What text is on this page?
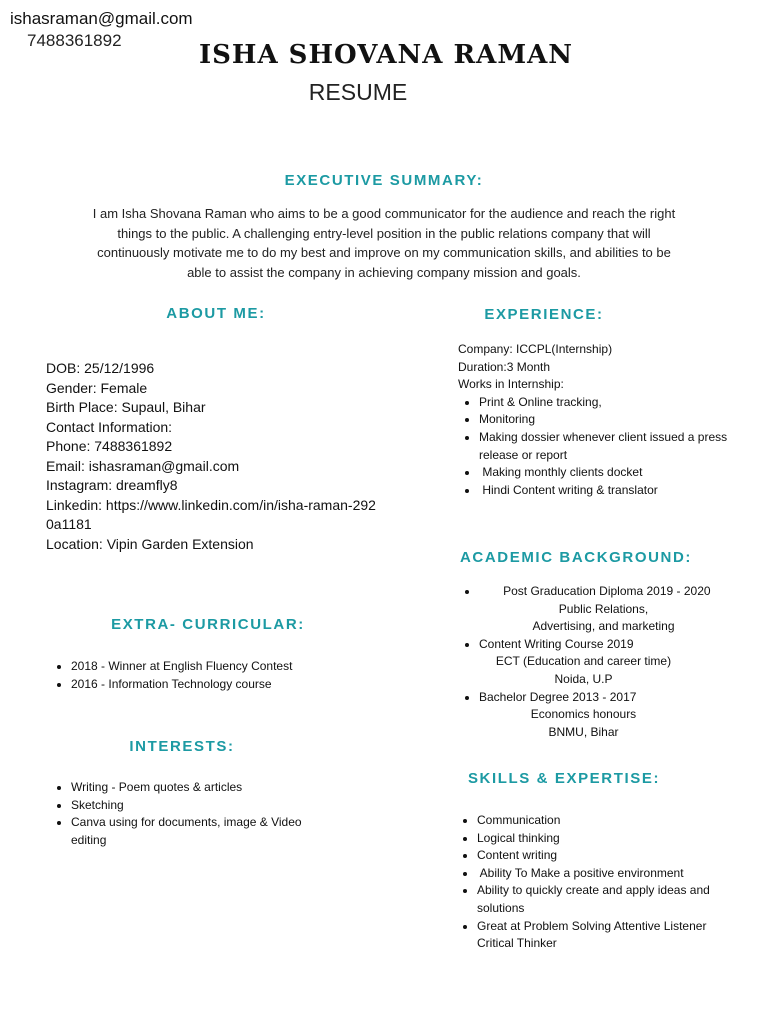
ishasraman@gmail.com
7488361892	ISHA SHOVANA RAMAN
RESUME
EXECUTIVE SUMMARY:
I am Isha Shovana Raman who aims to be a good communicator for the audience and reach the right things to the public. A challenging entry-level position in the public relations company that will continuously motivate me to do my best and improve on my communication skills, and abilities to be able to assist the company in achieving company mission and goals.
ABOUT ME:
DOB: 25/12/1996
Gender: Female
Birth Place: Supaul, Bihar
Contact Information:
Phone: 7488361892
Email: ishasraman@gmail.com
Instagram: dreamfly8
Linkedin: https://www.linkedin.com/in/isha-raman-2920a1181
Location: Vipin Garden Extension
EXPERIENCE:
Company: ICCPL(Internship)
Duration:3 Month
Works in Internship:
• Print & Online tracking,
• Monitoring
• Making dossier whenever client issued a press release or report
•  Making monthly clients docket
•  Hindi Content writing & translator
ACADEMIC BACKGROUND:
•   Post Graducation Diploma 2019 - 2020
Public Relations, Advertising, and marketing
• Content Writing Course 2019
ECT (Education and career time) Noida, U.P
• Bachelor Degree 2013 - 2017
Economics honours
BNMU, Bihar
EXTRA- CURRICULAR:
• 2018 - Winner at English Fluency Contest
• 2016 - Information Technology course
INTERESTS:
• Writing - Poem quotes & articles
• Sketching
• Canva using for documents, image & Video editing
SKILLS & EXPERTISE:
• Communication
• Logical thinking
• Content writing
•  Ability To Make a positive environment
• Ability to quickly create and apply ideas and solutions
• Great at Problem Solving Attentive Listener Critical Thinker
